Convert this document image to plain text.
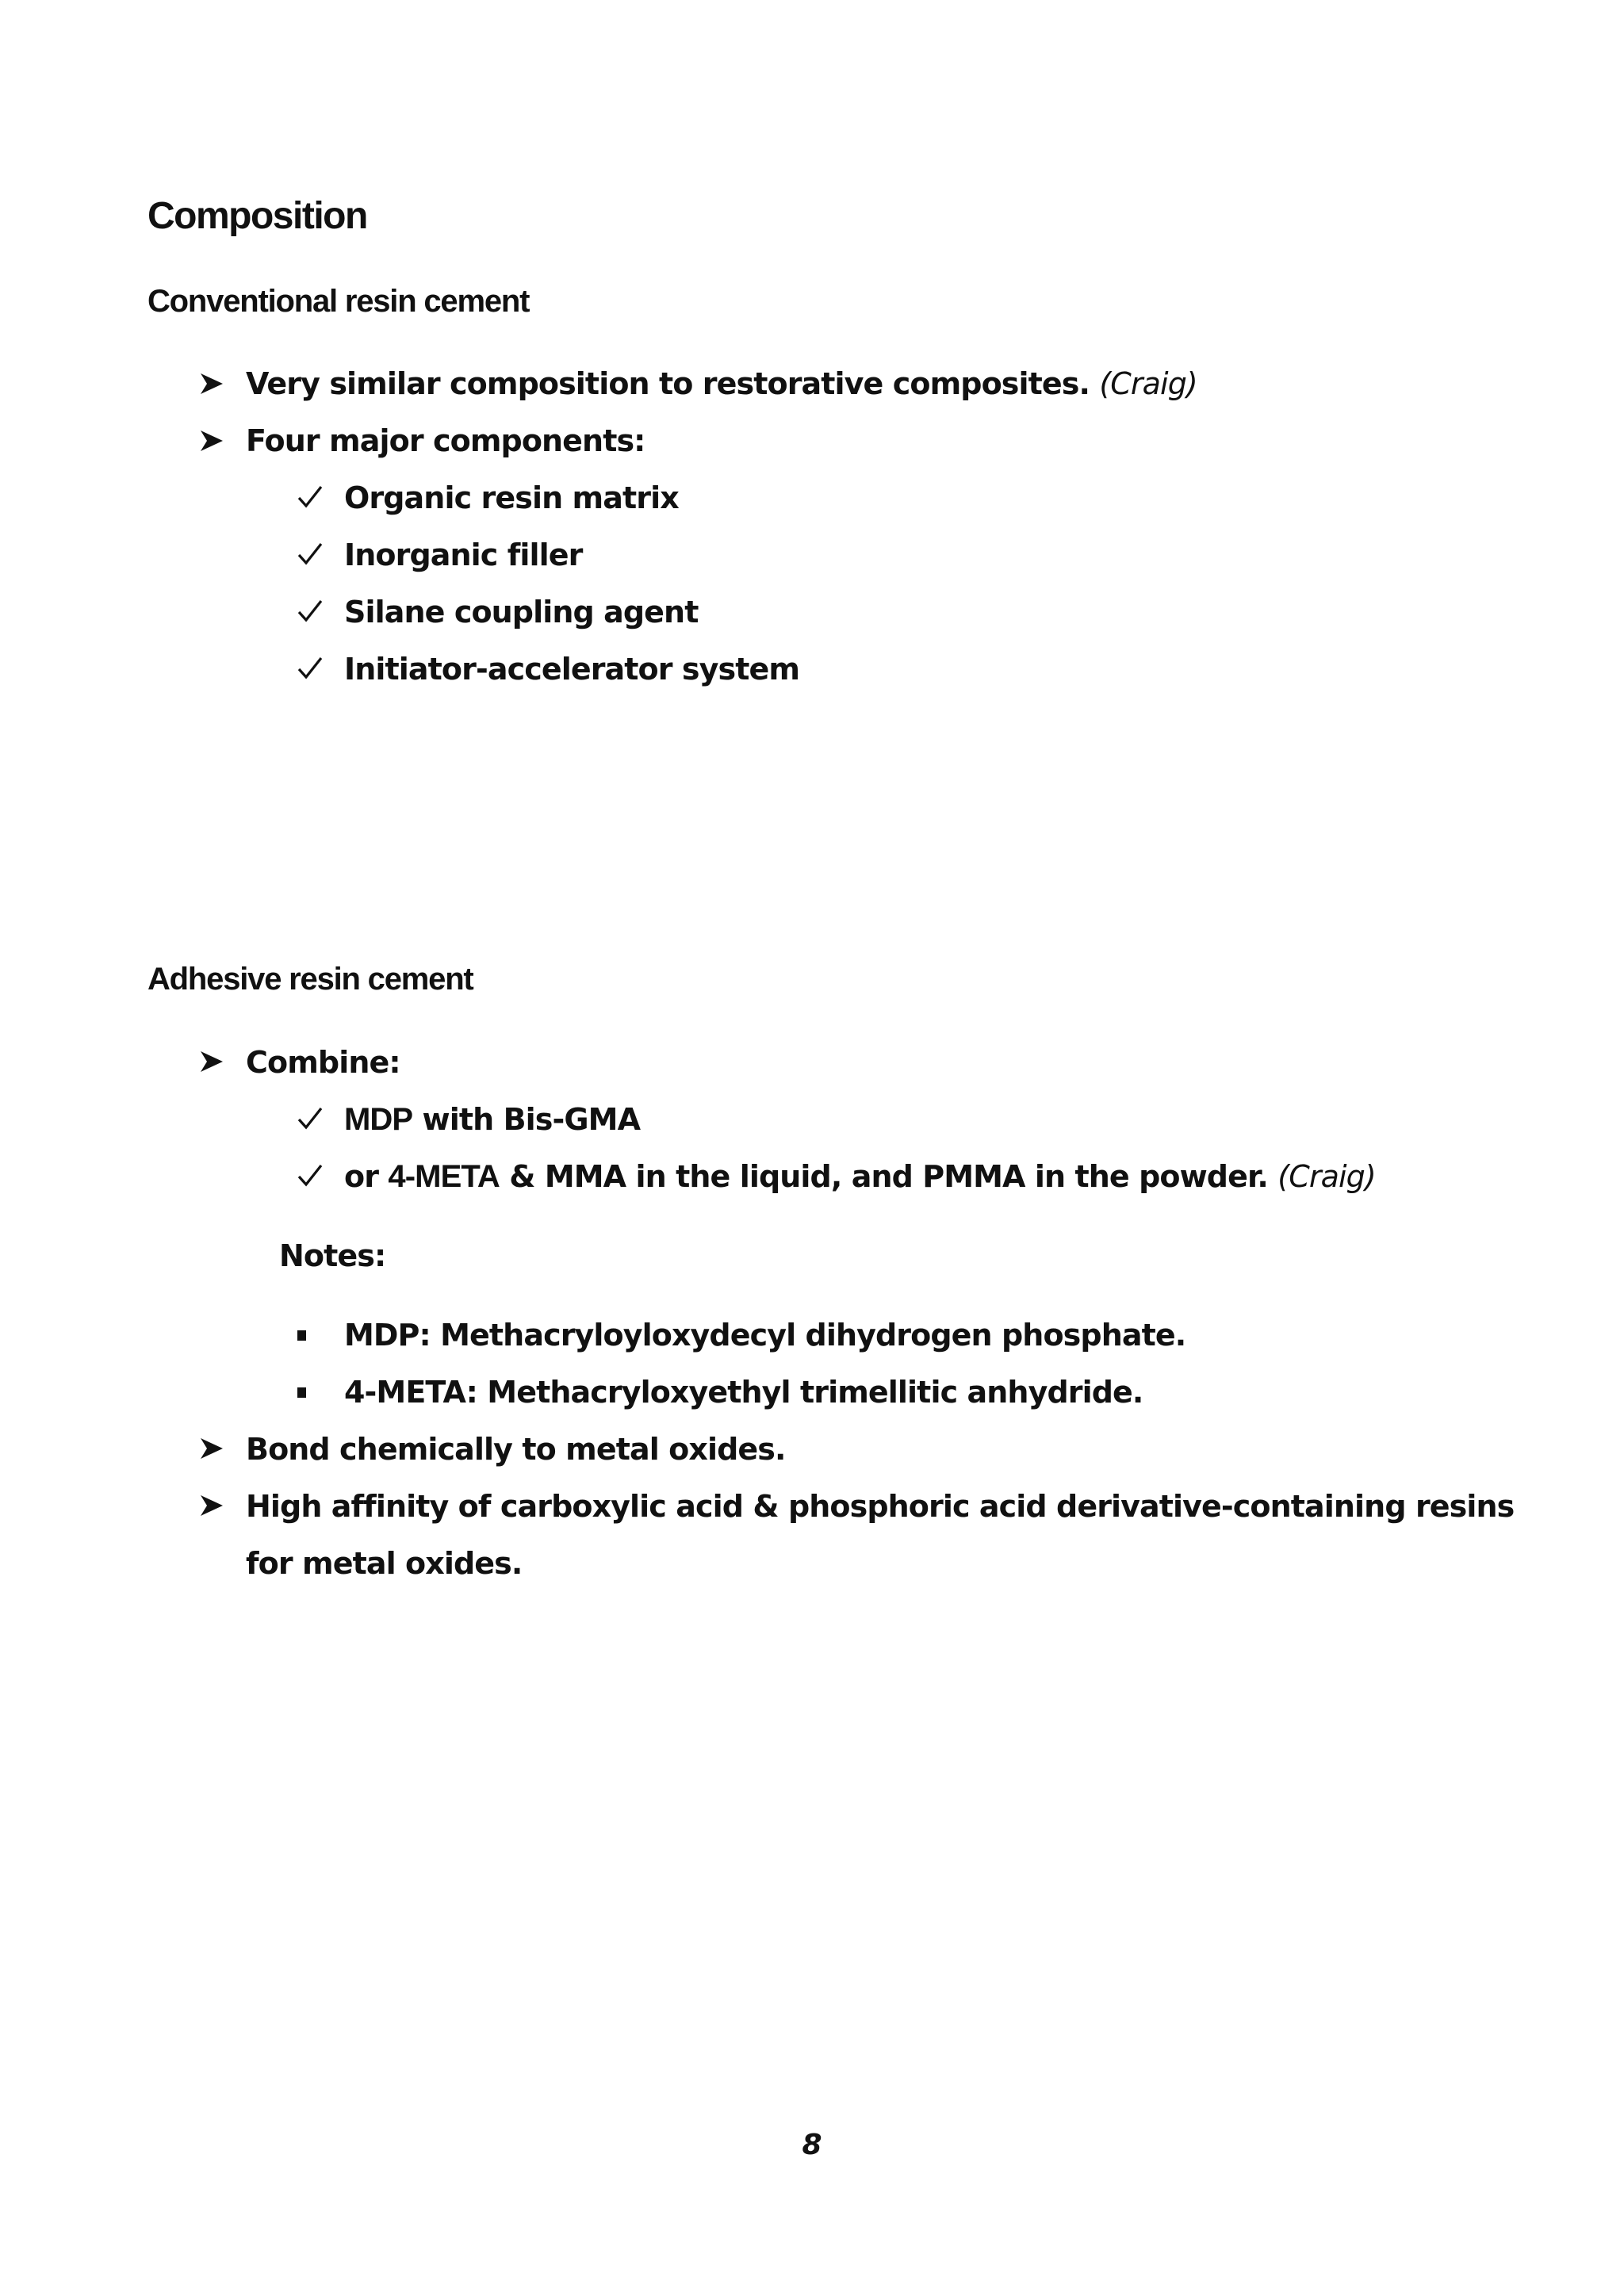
Composition
Conventional resin cement
Very similar composition to restorative composites. (Craig)
Four major components:
Organic resin matrix
Inorganic filler
Silane coupling agent
Initiator-accelerator system
Adhesive resin cement
Combine:
MDP with Bis-GMA
or 4-META & MMA in the liquid, and PMMA in the powder. (Craig)
Notes:
MDP: Methacryloyloxydecyl dihydrogen phosphate.
4-META: Methacryloxyethyl trimellitic anhydride.
Bond chemically to metal oxides.
High affinity of carboxylic acid & phosphoric acid derivative-containing resins
for metal oxides.
8
